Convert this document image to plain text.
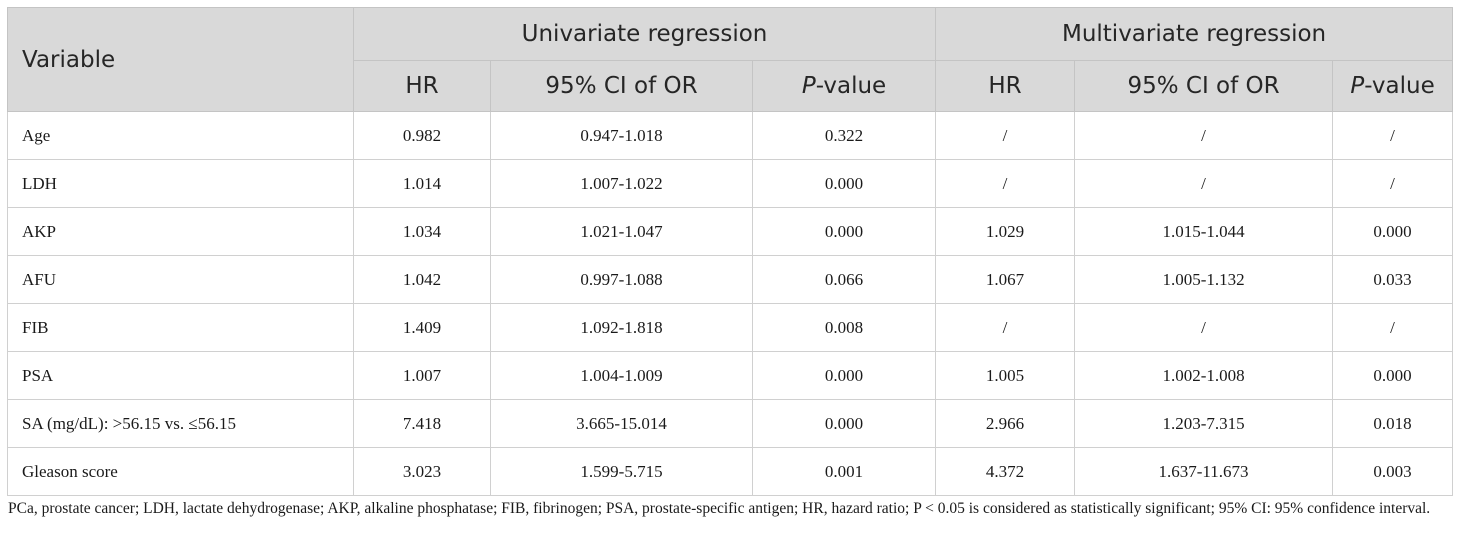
Variable	Univariate regression			Multivariate regression		
	HR	95% CI of OR	P-value	HR	95% CI of OR	P-value
Age	0.982	0.947-1.018	0.322	/	/	/
LDH	1.014	1.007-1.022	0.000	/	/	/
AKP	1.034	1.021-1.047	0.000	1.029	1.015-1.044	0.000
AFU	1.042	0.997-1.088	0.066	1.067	1.005-1.132	0.033
FIB	1.409	1.092-1.818	0.008	/	/	/
PSA	1.007	1.004-1.009	0.000	1.005	1.002-1.008	0.000
SA (mg/dL): >56.15 vs. ≤56.15	7.418	3.665-15.014	0.000	2.966	1.203-7.315	0.018
Gleason score	3.023	1.599-5.715	0.001	4.372	1.637-11.673	0.003
PCa, prostate cancer; LDH, lactate dehydrogenase; AKP, alkaline phosphatase; FIB, fibrinogen; PSA, prostate-specific antigen; HR, hazard ratio; P < 0.05 is considered as statistically significant; 95% CI: 95% confidence interval.
